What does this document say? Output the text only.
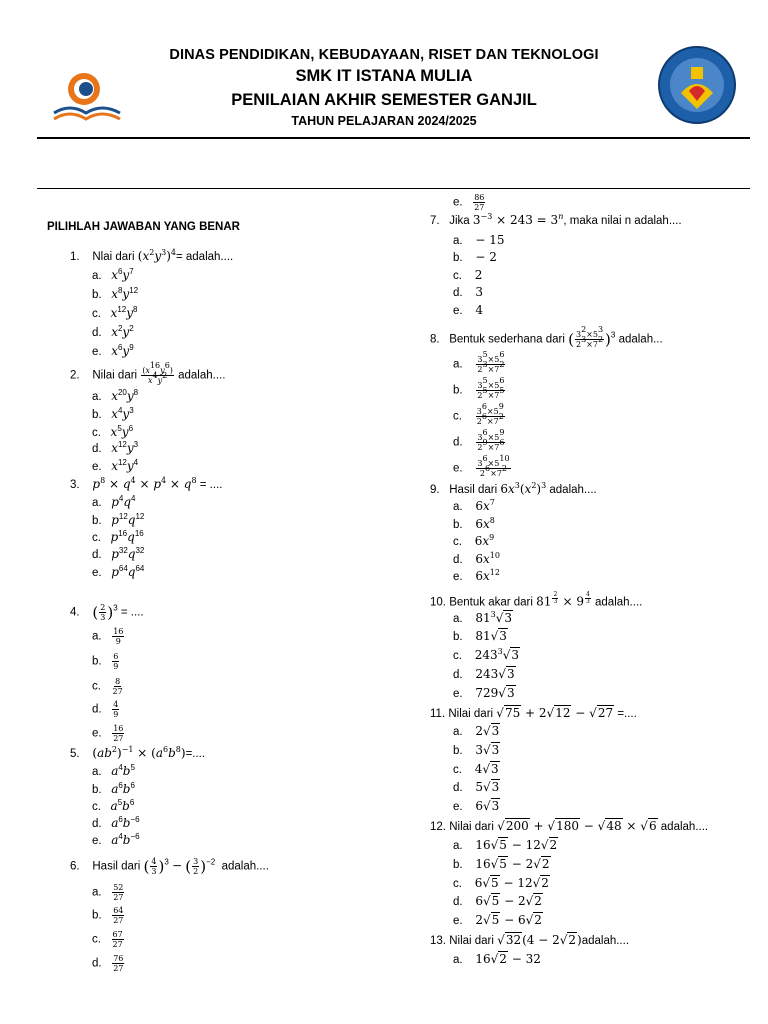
DINAS PENDIDIKAN, KEBUDAYAAN, RISET DAN TEKNOLOGI
SMK IT ISTANA MULIA
PENILAIAN AKHIR SEMESTER GANJIL
TAHUN PELAJARAN 2024/2025
PILIHLAH JAWABAN YANG BENAR
1. Nlai dari $(x^2y^3)^4=$ adalah....
a. $x^6y^7$
b. $x^8y^{12}$
c. $x^{12}y^8$
d. $x^2y^2$
e. $x^6y^9$
2. Nilai dari $\frac{(x^{16}y^6)}{x^4y^2}$ adalah....
a. $x^{20}y^8$
b. $x^4y^3$
c. $x^5y^6$
d. $x^{12}y^3$
e. $x^{12}y^4$
3. $p^8 \times q^4 \times p^4 \times q^8$ = ....
a. $p^4q^4$
b. $p^{12}q^{12}$
c. $p^{16}q^{16}$
d. $p^{32}q^{32}$
e. $p^{64}q^{64}$
4. ( $\frac{2}{3} )^3$ = ....
a. $\frac{16}{9}$
b. $\frac{6}{9}$
c. $\frac{8}{27}$
d. $\frac{4}{9}$
e. $\frac{16}{27}$
5. $(ab^2)^{-1} \times (a^6b^8)=$....
a. $a^4b^5$
b. $a^6b^6$
c. $a^5b^6$
d. $a^6b^{-6}$
e. $a^4b^{-6}$
6. Hasil dari ( $\frac{4}{3} )^3$ − ( $\frac{3}{2} )^{-2}$ adalah....
a. $\frac{52}{27}$
b. $\frac{64}{27}$
c. $\frac{67}{27}$
d. $\frac{76}{27}$
e. $\frac{86}{27}$
7. Jika $3^{-3} \times 243 = 3^n$, maka nilai n adalah....
a. − 15
b. − 2
c. 2
d. 3
e. 4
8. Bentuk sederhana dari ( $\frac{3^2\times 5^3}{2^3\times 7^2} )^3$ adalah...
a. $\frac{3^5\times 5^6}{2^3\times 7^2}$
b. $\frac{3^5\times 5^6}{2^5\times 7^5}$
c. $\frac{3^6\times 5^9}{2^6\times 7^2}$
d. $\frac{3^6\times 5^9}{2^9\times 7^6}$
e. $\frac{3^6\times 5^{10}}{2^6\times 7^2}$
9. Hasil dari $6x^3(x^2)^3$ adalah....
a. $6x^7$
b. $6x^8$
c. $6x^9$
d. $6x^{10}$
e. $6x^{12}$
10. Bentuk akar dari 81 $^{\frac{2}{3}}$ × 9 $^{\frac{4}{3}}$ adalah....
a. $81^3√3$
b. 81√3
c. $243^3√3$
d. 243√3
e. 729√3
11. Nilai dari √75 + 2√12 − √27 =....
a. 2√3
b. 3√3
c. 4√3
d. 5√3
e. 6√3
12. Nilai dari √200 + √180 − √48 × √6 adalah....
a. 16√5 − 12√2
b. 16√5 − 2√2
c. 6√5 − 12√2
d. 6√5 − 2√2
e. 2√5 − 6√2
13. Nilai dari √32(4 − 2√2)adalah....
a. 16√2 − 32
